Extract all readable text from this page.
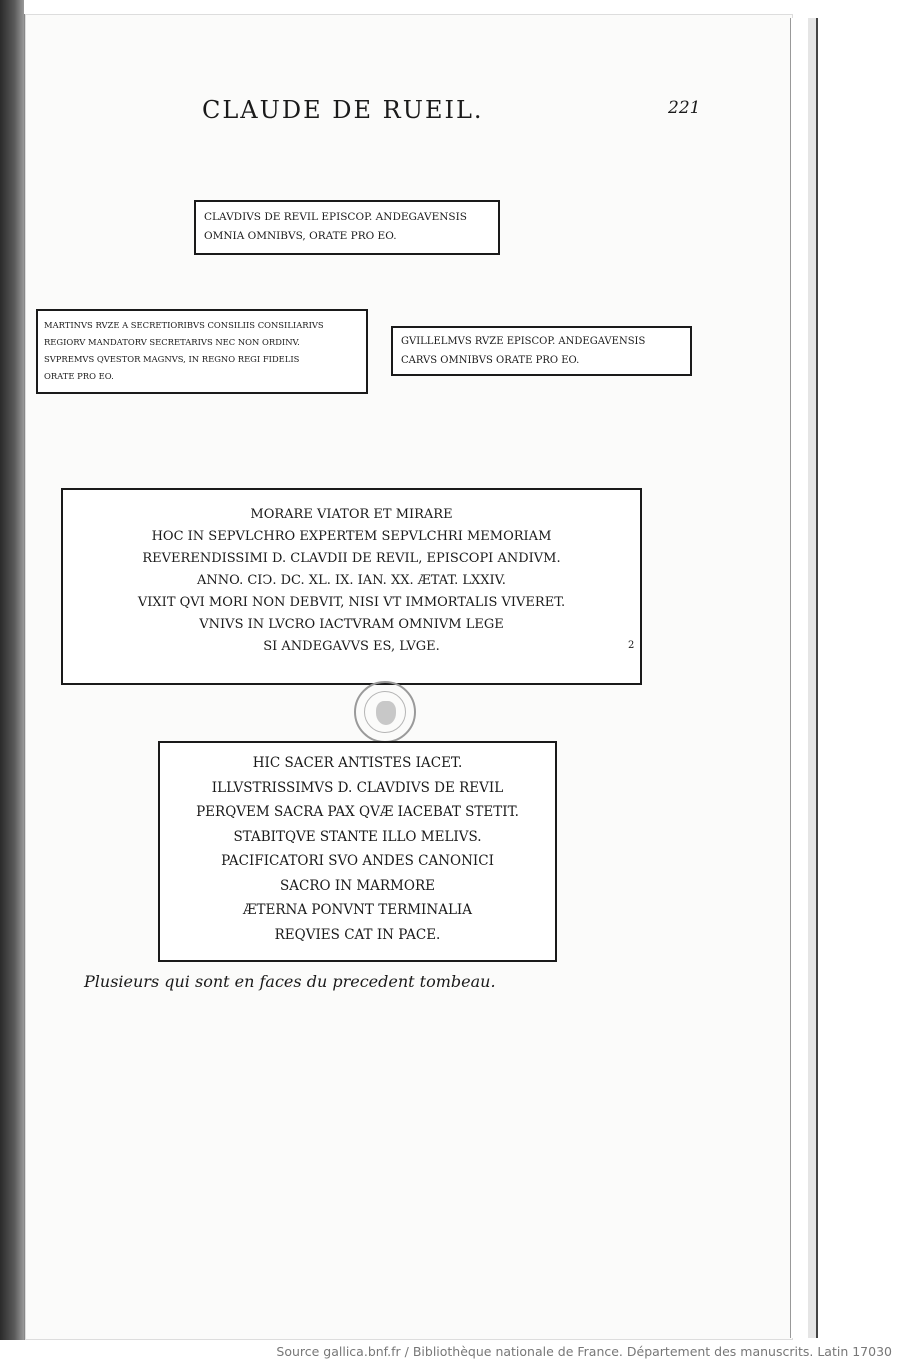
CLAUDE DE RUEIL.	221
CLAVDIVS DE REVIL EPISCOP. ANDEGAVENSIS
OMNIA OMNIBVS, ORATE PRO EO.
MARTINVS RVZE A SECRETIORIBVS CONSILIIS CONSILIARIVS
REGIORV MANDATORV SECRETARIVS NEC NON ORDINV.
SVPREMVS QVESTOR MAGNVS, IN REGNO REGI FIDELIS
ORATE PRO EO.
GVILLELMVS RVZE EPISCOP. ANDEGAVENSIS
CARVS OMNIBVS ORATE PRO EO.
MORARE VIATOR ET MIRARE
HOC IN SEPVLCHRO EXPERTEM SEPVLCHRI MEMORIAM
REVERENDISSIMI D. CLAVDII DE REVIL, EPISCOPI ANDIVM.
ANNO. CIↃ. DC. XL. IX. IAN. XX. ÆTAT. LXXIV.
VIXIT QVI MORI NON DEBVIT, NISI VT IMMORTALIS VIVERET.
VNIVS IN LVCRO IACTVRAM OMNIVM LEGE
SI ANDEGAVVS ES, LVGE.	2
HIC SACER ANTISTES IACET.
ILLVSTRISSIMVS D. CLAVDIVS DE REVIL
PERQVEM SACRA PAX QVÆ IACEBAT STETIT.
STABITQVE STANTE ILLO MELIVS.
PACIFICATORI SVO ANDES CANONICI
SACRO IN MARMORE
ÆTERNA PONVNT TERMINALIA
REQVIES CAT IN PACE.
Plusieurs qui sont en faces du precedent tombeau.
Source gallica.bnf.fr / Bibliothèque nationale de France. Département des manuscrits. Latin 17030
